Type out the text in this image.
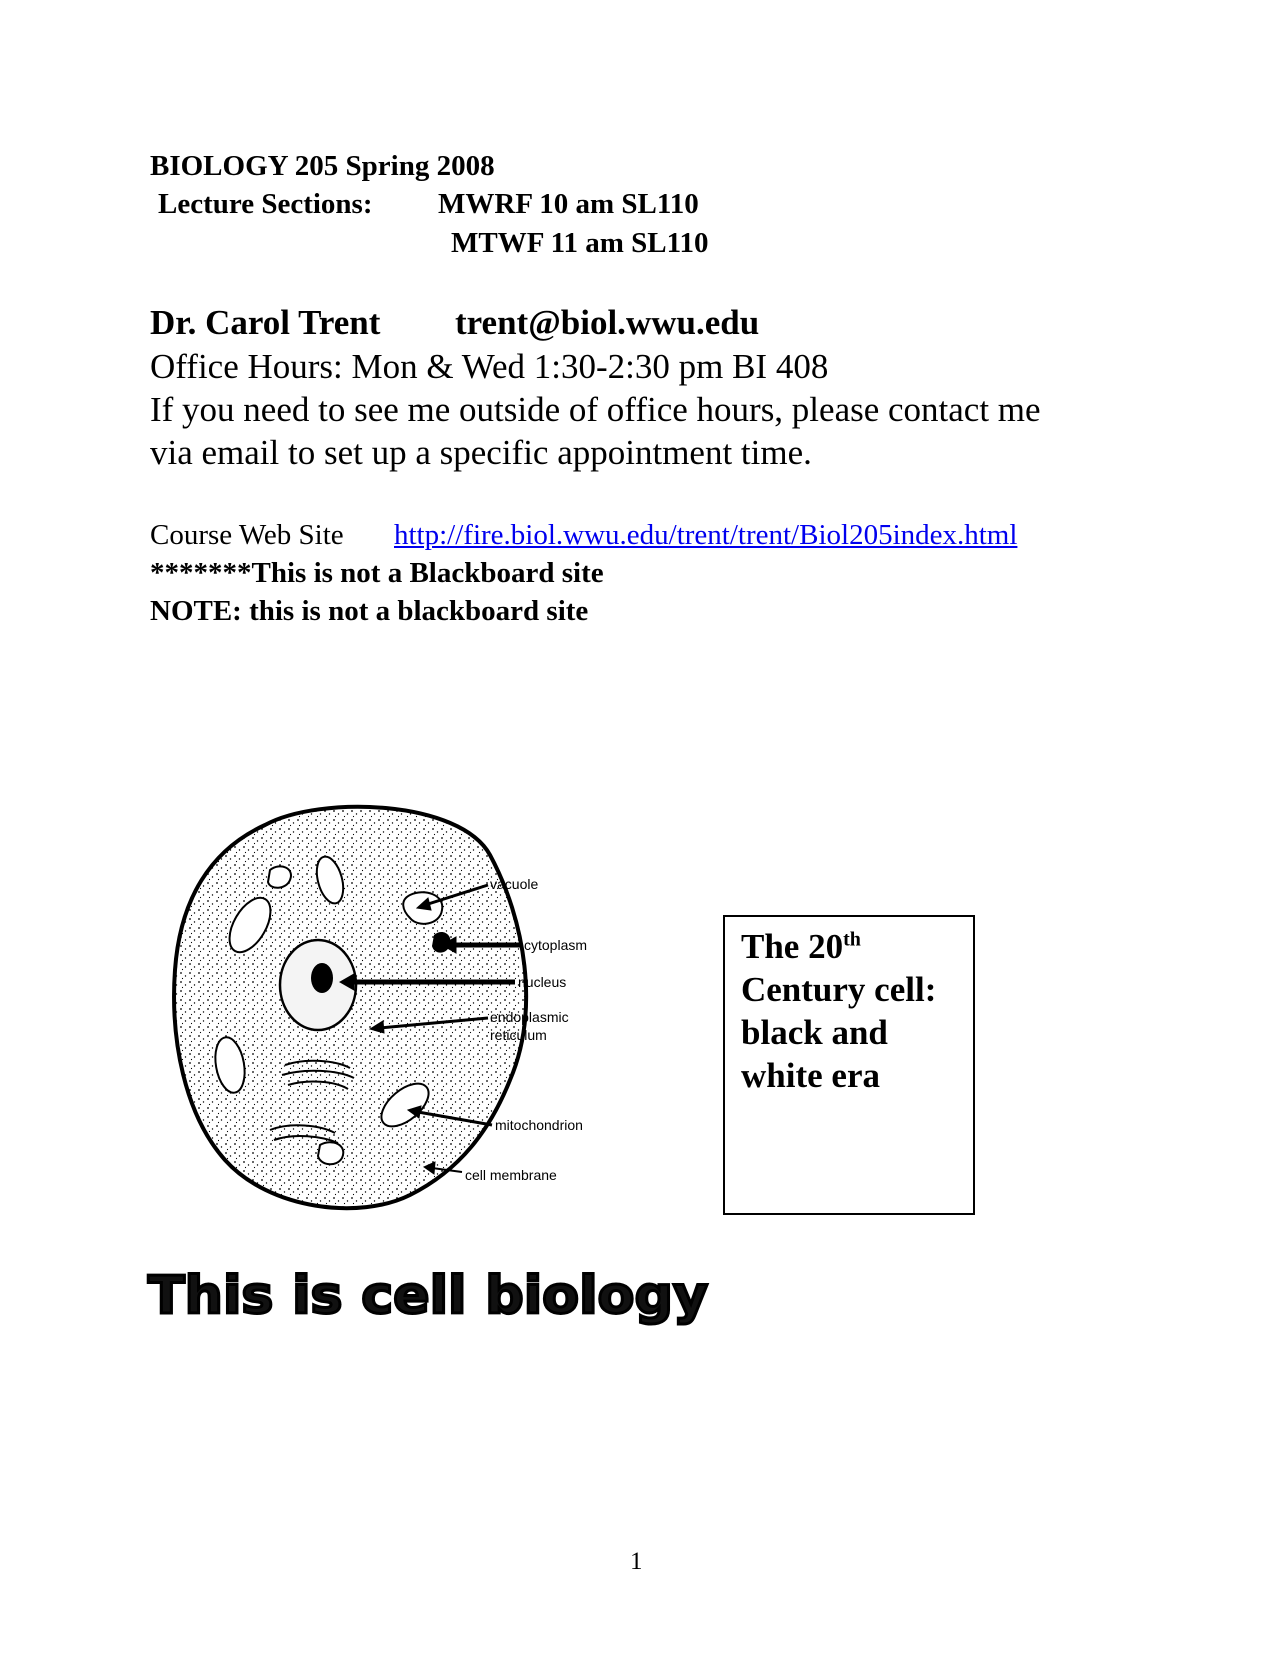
BIOLOGY 205 Spring 2008
Lecture Sections: MWRF 10 am SL110
MTWF 11 am SL110
Dr. Carol Trent trent@biol.wwu.edu
Office Hours: Mon & Wed 1:30-2:30 pm BI 408
If you need to see me outside of office hours, please contact me
via email to set up a specific appointment time.
Course Web Site http://fire.biol.wwu.edu/trent/trent/Biol205index.html
*******This is not a Blackboard site
NOTE: this is not a blackboard site
vacuole
cytoplasm
nucleus
endoplasmic
reticulum
mitochondrion
cell membrane
The 20th
Century cell:
black and
white era
This is cell biology
1
